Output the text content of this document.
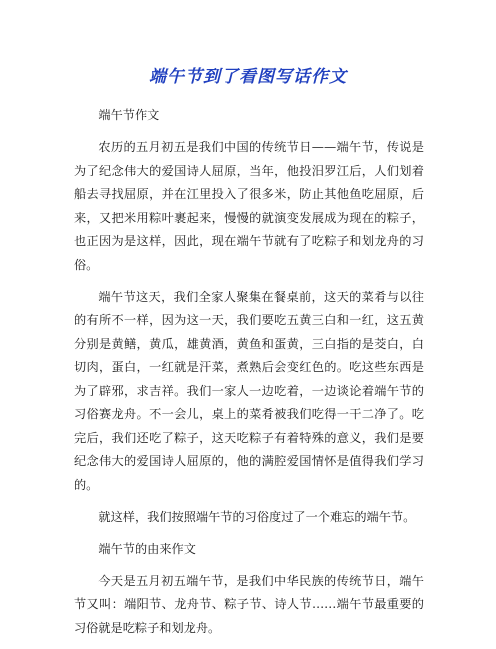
端午节到了看图写话作文

端午节作文

农历的五月初五是我们中国的传统节日——端午节，传说是为了纪念伟大的爱国诗人屈原，当年，他投汨罗江后，人们划着船去寻找屈原，并在江里投入了很多米，防止其他鱼吃屈原，后来，又把米用粽叶裹起来，慢慢的就演变发展成为现在的粽子，也正因为是这样，因此，现在端午节就有了吃粽子和划龙舟的习俗。

端午节这天，我们全家人聚集在餐桌前，这天的菜肴与以往的有所不一样，因为这一天，我们要吃五黄三白和一红，这五黄分别是黄鳝，黄瓜，雄黄酒，黄鱼和蛋黄，三白指的是茭白，白切肉，蛋白，一红就是汗菜，煮熟后会变红色的。吃这些东西是为了辟邪，求吉祥。我们一家人一边吃着，一边谈论着端午节的习俗赛龙舟。不一会儿，桌上的菜肴被我们吃得一干二净了。吃完后，我们还吃了粽子，这天吃粽子有着特殊的意义，我们是要纪念伟大的爱国诗人屈原的，他的满腔爱国情怀是值得我们学习的。

就这样，我们按照端午节的习俗度过了一个难忘的端午节。

端午节的由来作文

今天是五月初五端午节，是我们中华民族的传统节日，端午节又叫：端阳节、龙舟节、粽子节、诗人节……端午节最重要的习俗就是吃粽子和划龙舟。
